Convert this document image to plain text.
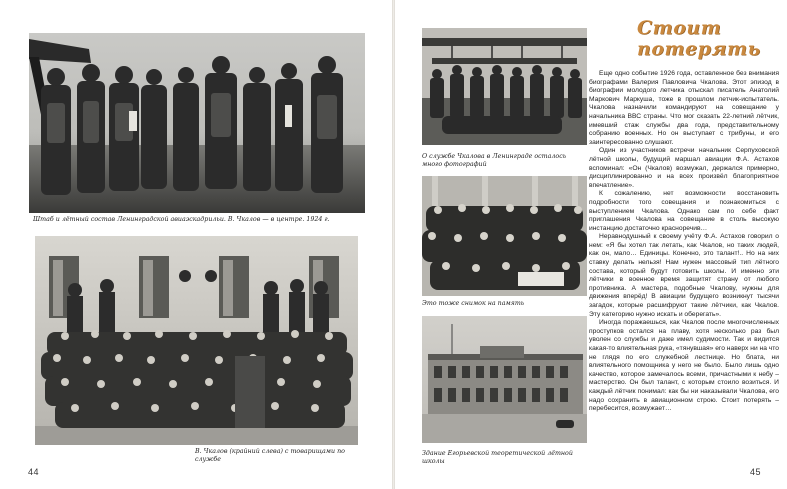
Штаб и лётный состав Ленинградской авиаэскадрильи. В. Чкалов — в центре. 1924 г.
В. Чкалов (крайний слева) с товарищами по службе
44
О службе Чкалова в Ленинграде осталось много фотографий
Это тоже снимок на память
Здание Егорьевской теоретической лётной школы
Стоит потерять

Еще одно событие 1926 года, оставленное без внимания биографами Валерия Павловича Чкалова. Этот эпизод в биографии молодого летчика отыскал писатель Анатолий Маркович Маркуша, тоже в прошлом летчик-испытатель. Чкалова назначили командируют на совещание у начальника ВВС страны. Что мог сказать 22-летний лётчик, имевший стаж службы два года, представительному собранию военных. Но он выступает с трибуны, и его заинтересованно слушают.

Один из участников встречи начальник Серпуховской лётной школы, будущий маршал авиации Ф.А. Астахов вспоминал: «Он (Чкалов) возмужал, держался примерно, дисциплинированно и на всех произвёл благоприятное впечатление».

К сожалению, нет возможности восстановить подробности того совещания и познакомиться с выступлением Чкалова. Однако сам по себе факт приглашения Чкалова на совещание в столь высокую инстанцию достаточно красноречив…

Неравнодушный к своему учёту Ф.А. Астахов говорил о нем: «Я бы хотел так летать, как Чкалов, но таких людей, как он, мало… Единицы. Конечно, это талант!.. Но на них ставку делать нельзя! Нам нужен массовый тип лётного состава, который будут готовить школы. И именно эти лётчики в военное время защитят страну от любого противника. А мастера, подобные Чкалову, нужны для движения вперёд! В авиации будущего возникнут тысячи загадок, которые расшифруют такие лётчики, как Чкалов. Эту категорию нужно искать и оберегать».

Иногда поражаешься, как Чкалов после многочисленных проступков остался на плаву, хотя несколько раз был уволен со службы и даже имел судимости. Так и видится какая-то влиятельная рука, «тянувшая» его наверх ни на что не глядя по его служебной лестнице. Но блата, ни влиятельного помощника у него не было. Было лишь одно качество, которое замечалось всеми, причастными к небу – мастерство. Он был талант, с которым стоило возиться. И каждый лётчик понимал: как бы ни наказывали Чкалова, его надо сохранить в авиационном строю. Стоит потерять – перебесится, возмужает…

45
